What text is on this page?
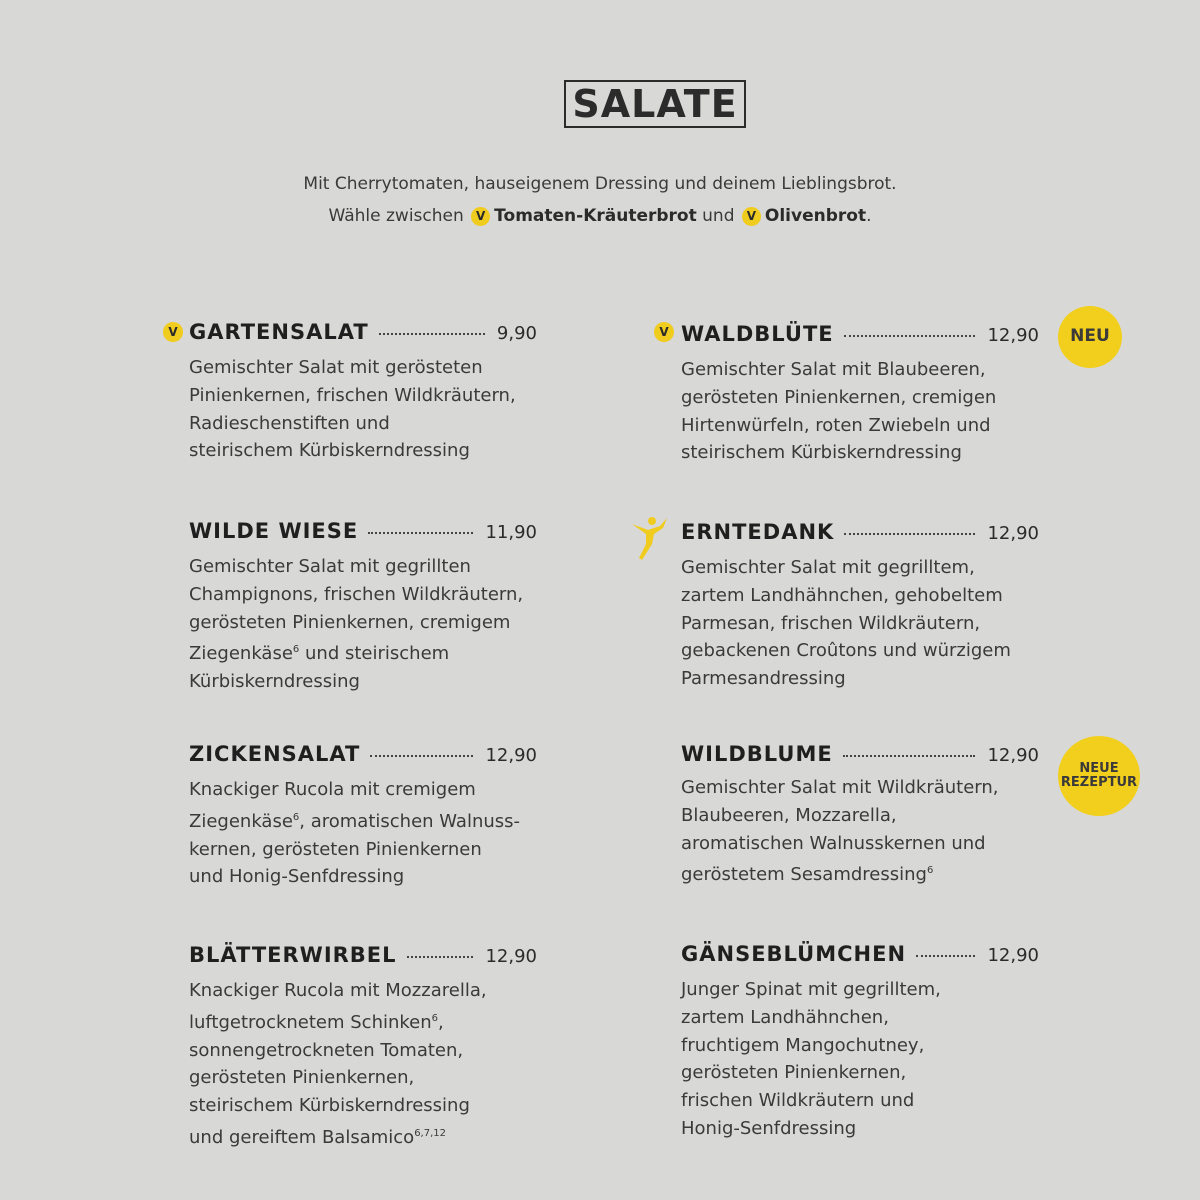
SALATE
Mit Cherrytomaten, hauseigenem Dressing und deinem Lieblingsbrot.
Wähle zwischen V Tomaten-Kräuterbrot und V Olivenbrot.
V GARTENSALAT	9,90
Gemischter Salat mit gerösteten
Pinienkernen, frischen Wildkräutern,
Radieschenstiften und
steirischem Kürbiskerndressing
WILDE WIESE	11,90
Gemischter Salat mit gegrillten
Champignons, frischen Wildkräutern,
gerösteten Pinienkernen, cremigem
Ziegenkäse$^6$ und steirischem
Kürbiskerndressing
ZICKENSALAT	12,90
Knackiger Rucola mit cremigem
Ziegenkäse$^6$, aromatischen Walnuss-
kernen, gerösteten Pinienkernen
und Honig-Senfdressing
BLÄTTERWIRBEL	12,90
Knackiger Rucola mit Mozzarella,
luftgetrocknetem Schinken$^6$,
sonnengetrockneten Tomaten,
gerösteten Pinienkernen,
steirischem Kürbiskerndressing
und gereiftem Balsamico$^{6,7,12}$
V WALDBLÜTE	12,90
Gemischter Salat mit Blaubeeren,
gerösteten Pinienkernen, cremigen
Hirtenwürfeln, roten Zwiebeln und
steirischem Kürbiskerndressing
NEU
ERNTEDANK	12,90
Gemischter Salat mit gegrilltem,
zartem Landhähnchen, gehobeltem
Parmesan, frischen Wildkräutern,
gebackenen Croûtons und würzigem
Parmesandressing
WILDBLUME	12,90
Gemischter Salat mit Wildkräutern,
Blaubeeren, Mozzarella,
aromatischen Walnusskernen und
geröstetem Sesamdressing$^6$
NEUE
REZEPTUR
GÄNSEBLÜMCHEN	12,90
Junger Spinat mit gegrilltem,
zartem Landhähnchen,
fruchtigem Mangochutney,
gerösteten Pinienkernen,
frischen Wildkräutern und
Honig-Senfdressing
